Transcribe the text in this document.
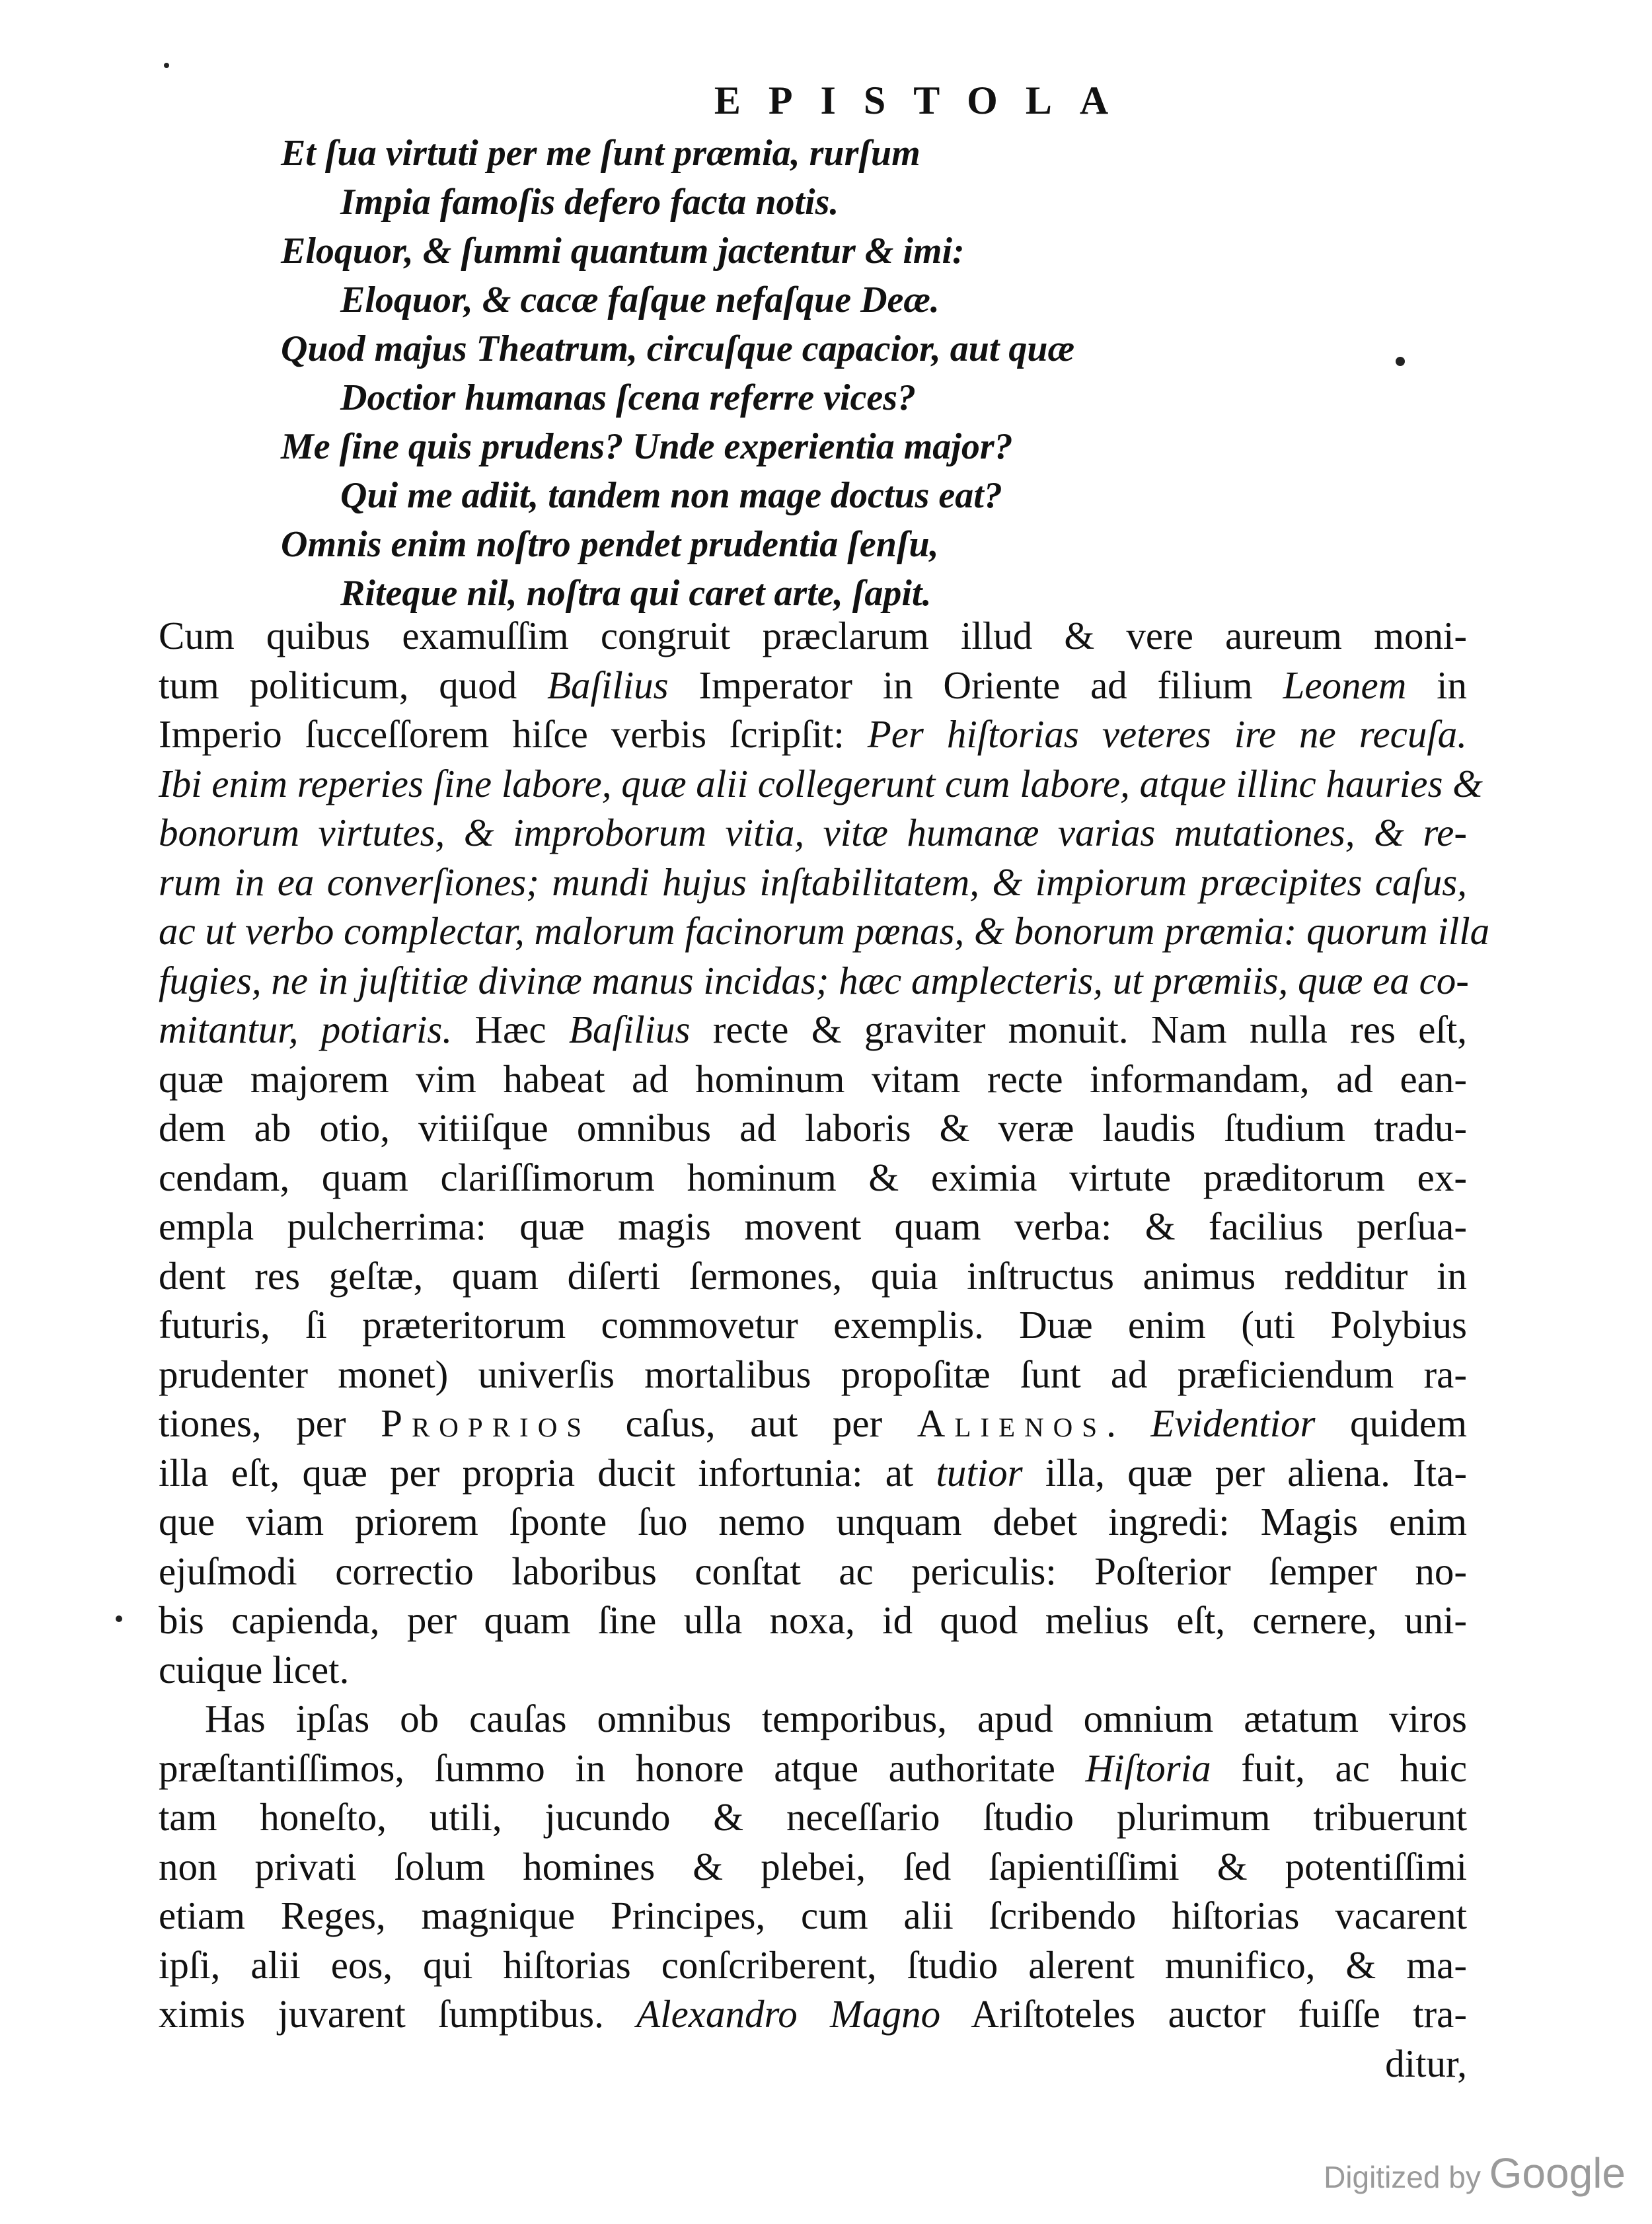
EPISTOLA
Et ſua virtuti per me ſunt præmia, rurſum
Impia famoſis defero facta notis.
Eloquor, & ſummi quantum jactentur & imi:
Eloquor, & cacæ faſque nefaſque Deæ.
Quod majus Theatrum, circuſque capacior, aut quæ
Doctior humanas ſcena referre vices?
Me ſine quis prudens? Unde experientia major?
Qui me adiit, tandem non mage doctus eat?
Omnis enim noſtro pendet prudentia ſenſu,
Riteque nil, noſtra qui caret arte, ſapit.
Cum quibus examuſſim congruit præclarum illud & vere aureum moni-
tum politicum, quod Baſilius Imperator in Oriente ad filium Leonem in
Imperio ſucceſſorem hiſce verbis ſcripſit: Per hiſtorias veteres ire ne recuſa.
Ibi enim reperies ſine labore, quæ alii collegerunt cum labore, atque illinc hauries &
bonorum virtutes, & improborum vitia, vitæ humanæ varias mutationes, & re-
rum in ea converſiones; mundi hujus inſtabilitatem, & impiorum præcipites caſus,
ac ut verbo complectar, malorum facinorum pœnas, & bonorum præmia: quorum illa
fugies, ne in juſtitiæ divinæ manus incidas; hæc amplecteris, ut præmiis, quæ ea co-
mitantur, potiaris. Hæc Baſilius recte & graviter monuit. Nam nulla res eſt,
quæ majorem vim habeat ad hominum vitam recte informandam, ad ean-
dem ab otio, vitiiſque omnibus ad laboris & veræ laudis ſtudium tradu-
cendam, quam clariſſimorum hominum & eximia virtute præditorum ex-
empla pulcherrima: quæ magis movent quam verba: & facilius perſua-
dent res geſtæ, quam diſerti ſermones, quia inſtructus animus redditur in
futuris, ſi præteritorum commovetur exemplis. Duæ enim (uti Polybius
prudenter monet) univerſis mortalibus propoſitæ ſunt ad præficiendum ra-
tiones, per Proprios caſus, aut per Alienos. Evidentior quidem
illa eſt, quæ per propria ducit infortunia: at tutior illa, quæ per aliena. Ita-
que viam priorem ſponte ſuo nemo unquam debet ingredi: Magis enim
ejuſmodi correctio laboribus conſtat ac periculis: Poſterior ſemper no-
bis capienda, per quam ſine ulla noxa, id quod melius eſt, cernere, uni-
cuique licet.
Has ipſas ob cauſas omnibus temporibus, apud omnium ætatum viros
præſtantiſſimos, ſummo in honore atque authoritate Hiſtoria fuit, ac huic
tam honeſto, utili, jucundo & neceſſario ſtudio plurimum tribuerunt
non privati ſolum homines & plebei, ſed ſapientiſſimi & potentiſſimi
etiam Reges, magnique Principes, cum alii ſcribendo hiſtorias vacarent
ipſi, alii eos, qui hiſtorias conſcriberent, ſtudio alerent munifico, & ma-
ximis juvarent ſumptibus. Alexandro Magno Ariſtoteles auctor fuiſſe tra-
ditur,
Digitized by Google
